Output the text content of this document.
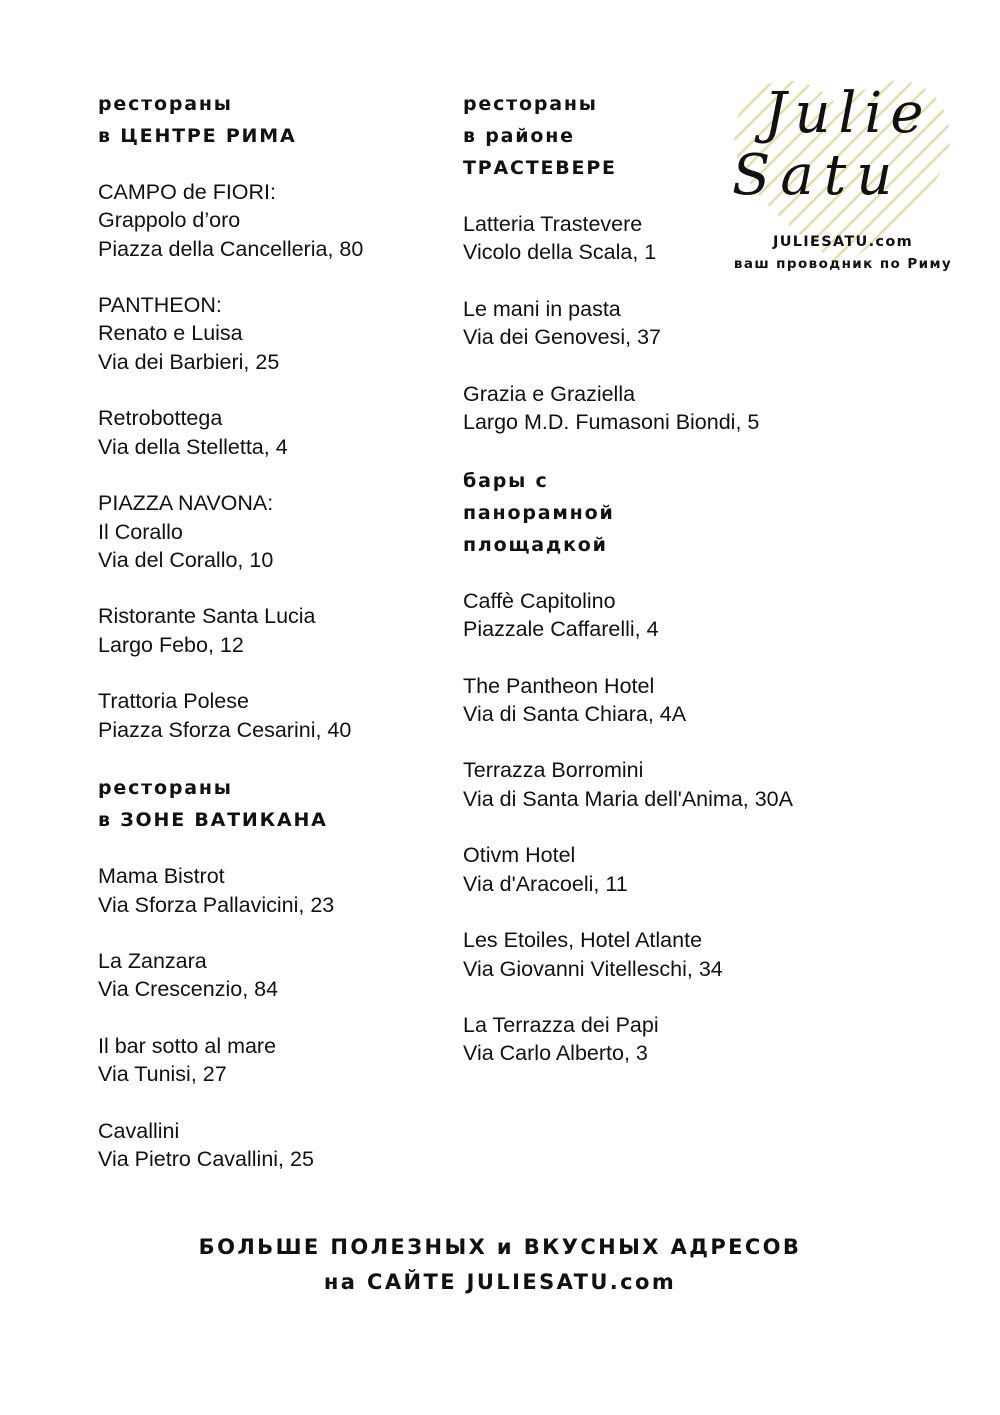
рестораны
в ЦЕНТРЕ РИМА
CAMPO de FIORI:
Grappolo d’oro
Piazza della Cancelleria, 80
PANTHEON:
Renato e Luisa
Via dei Barbieri, 25
Retrobottega
Via della Stelletta, 4
PIAZZA NAVONA:
Il Corallo
Via del Corallo, 10
Ristorante Santa Lucia
Largo Febo, 12
Trattoria Polese
Piazza Sforza Cesarini, 40
рестораны
в ЗОНЕ ВАТИКАНА
Mama Bistrot
Via Sforza Pallavicini, 23
La Zanzara
Via Crescenzio, 84
Il bar sotto al mare
Via Tunisi, 27
Cavallini
Via Pietro Cavallini, 25
рестораны
в районе
ТРАСТЕВЕРЕ
Latteria Trastevere
Vicolo della Scala, 1
Le mani in pasta
Via dei Genovesi, 37
Grazia e Graziella
Largo M.D. Fumasoni Biondi, 5
бары с
панорамной
площадкой
Caffè Capitolino
Piazzale Caffarelli, 4
The Pantheon Hotel
Via di Santa Chiara, 4A
Terrazza Borromini
Via di Santa Maria dell'Anima, 30A
Otivm Hotel
Via d'Aracoeli, 11
Les Etoiles, Hotel Atlante
Via Giovanni Vitelleschi, 34
La Terrazza dei Papi
Via Carlo Alberto, 3
Julie
Satu
JULIESATU.com
ваш проводник по Риму
БОЛЬШЕ ПОЛЕЗНЫХ и ВКУСНЫХ АДРЕСОВ
на САЙТЕ JULIESATU.com
